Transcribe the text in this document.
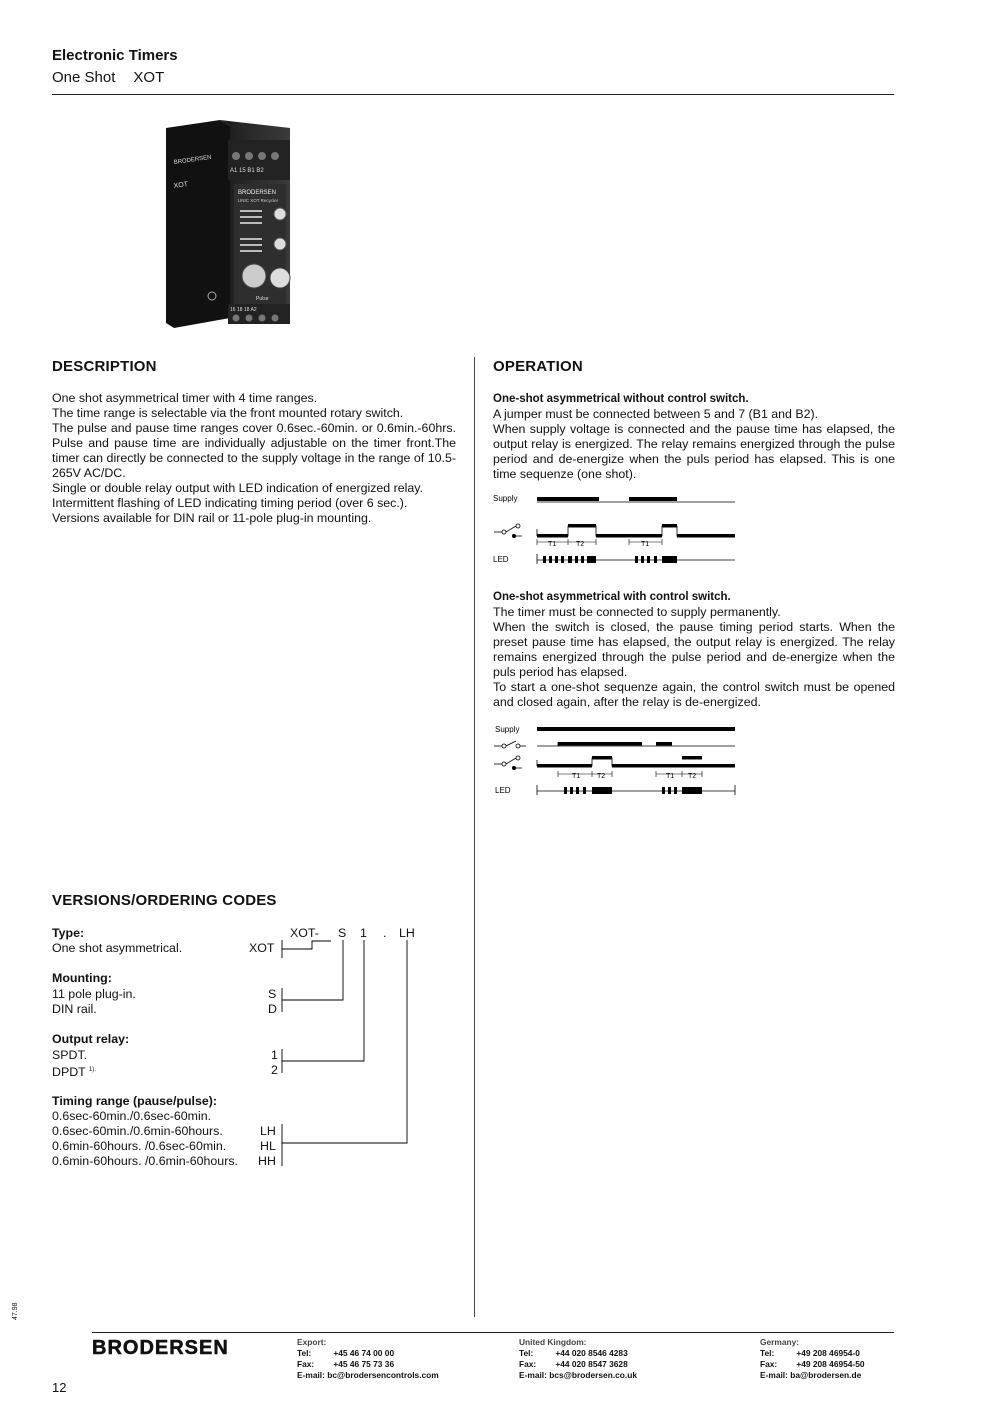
Electronic Timers
One Shot XOT
A1 15 B1 B2
BRODERSEN
XOT
BRODERSEN
UNIC XOT Recycler
Pulse
16 18 18 A2
DESCRIPTION

One shot asymmetrical timer with 4 time ranges.

The time range is selectable via the front mounted rotary switch.

The pulse and pause time ranges cover 0.6sec.-60min. or 0.6min.-60hrs. Pulse and pause time are individually adjustable on the timer front.The timer can directly be connected to the supply voltage in the range of 10.5-265V AC/DC.

Single or double relay output with LED indication of energized relay.

Intermittent flashing of LED indicating timing period (over 6 sec.).

Versions available for DIN rail or 11-pole plug-in mounting.

OPERATION

One-shot asymmetrical without control switch.

A jumper must be connected between 5 and 7 (B1 and B2).

When supply voltage is connected and the pause time has elapsed, the output relay is energized. The relay remains energized through the pulse period and de-energize when the puls period has elapsed. This is one time sequenze (one shot).

Supply
LED
T1	T2	T1

One-shot asymmetrical with control switch.

The timer must be connected to supply permanently.

When the switch is closed, the pause timing period starts. When the preset pause time has elapsed, the output relay is energized. The relay remains energized through the pulse period and de-energize when the puls period has elapsed.

To start a one-shot sequenze again, the control switch must be opened and closed again, after the relay is de-energized.

Supply
LED
T1 T2	T1 T2
VERSIONS/ORDERING CODES
XOT- S 1 . LH
Type:
One shot asymmetrical.	XOT
Mounting:
11 pole plug-in.	S
DIN rail.	D
Output relay:
SPDT.	1
DPDT $^{1).}$	2
Timing range (pause/pulse):
0.6sec-60min./0.6sec-60min.
0.6sec-60min./0.6min-60hours.	LH
0.6min-60hours. /0.6sec-60min.	HL
0.6min-60hours. /0.6min-60hours. HH
47.98
BRODERSEN
12
Export:
Tel:	+45 46 74 00 00
Fax: +45 46 75 73 36
E-mail: bc@brodersencontrols.com
United Kingdom:
Tel:	+44 020 8546 4283
Fax: +44 020 8547 3628
E-mail: bcs@brodersen.co.uk
Germany:
Tel:	+49 208 46954-0
Fax: +49 208 46954-50
E-mail: ba@brodersen.de
